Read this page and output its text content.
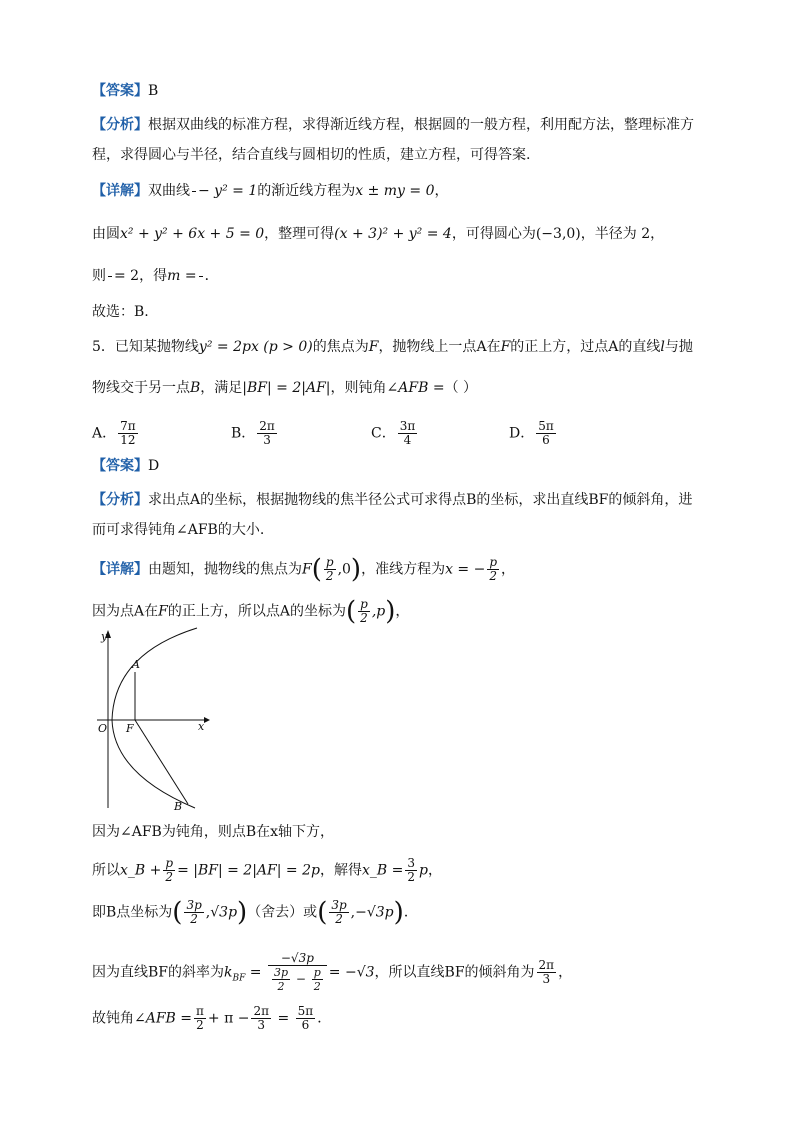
【答案】B
【分析】根据双曲线的标准方程，求得渐近线方程，根据圆的一般方程，利用配方法，整理标准方
程，求得圆心与半径，结合直线与圆相切的性质，建立方程，可得答案.
【详解】双曲线 − y² = 1的渐近线方程为x ± my = 0，
由圆x² + y² + 6x + 5 = 0，整理可得(x + 3)² + y² = 4，可得圆心为(−3,0)，半径为 2，
则 = 2，得m = ．
故选：B.
5．已知某抛物线y² = 2px (p > 0)的焦点为F，抛物线上一点A在F的正上方，过点A的直线l与抛
物线交于另一点B，满足|BF| = 2|AF|，则钝角∠AFB =（ ）
A． $\frac{7\pi}{12}$	B． $\frac{2\pi}{3}$	C． $\frac{3\pi}{4}$	D． $\frac{5\pi}{6}$
【答案】D
【分析】求出点A的坐标，根据抛物线的焦半径公式可求得点B的坐标，求出直线BF的倾斜角，进
而可求得钝角∠AFB的大小.
【详解】由题知，抛物线的焦点为$F( \frac{p}{2} ,0)$，准线方程为x = − $\frac{p}{2}$ ，
因为点A在F的正上方，所以点A的坐标为( $\frac{p}{2} ,p$)，
y
x
O F
A
B
因为∠AFB为钝角，则点B在x轴下方，
所以x_B + $\frac{p}{2} = |BF| = 2|AF| = 2p$，解得x_B = $\frac{3}{2}$ p，
即B点坐标为( $\frac{3p}{2} ,√3p$)（舍去）或( $\frac{3p}{2} ,-√3p$)．
因为直线BF的斜率为$k_{BF} = \frac{-√3p}{\frac{3p}{2} - \frac{p}{2}} = -√3$，所以直线BF的倾斜角为 $\frac{2\pi}{3}$ ，
故钝角∠AFB = $\frac{\pi}{2} + \pi - \frac{2\pi}{3} = \frac{5\pi}{6}$ ．
